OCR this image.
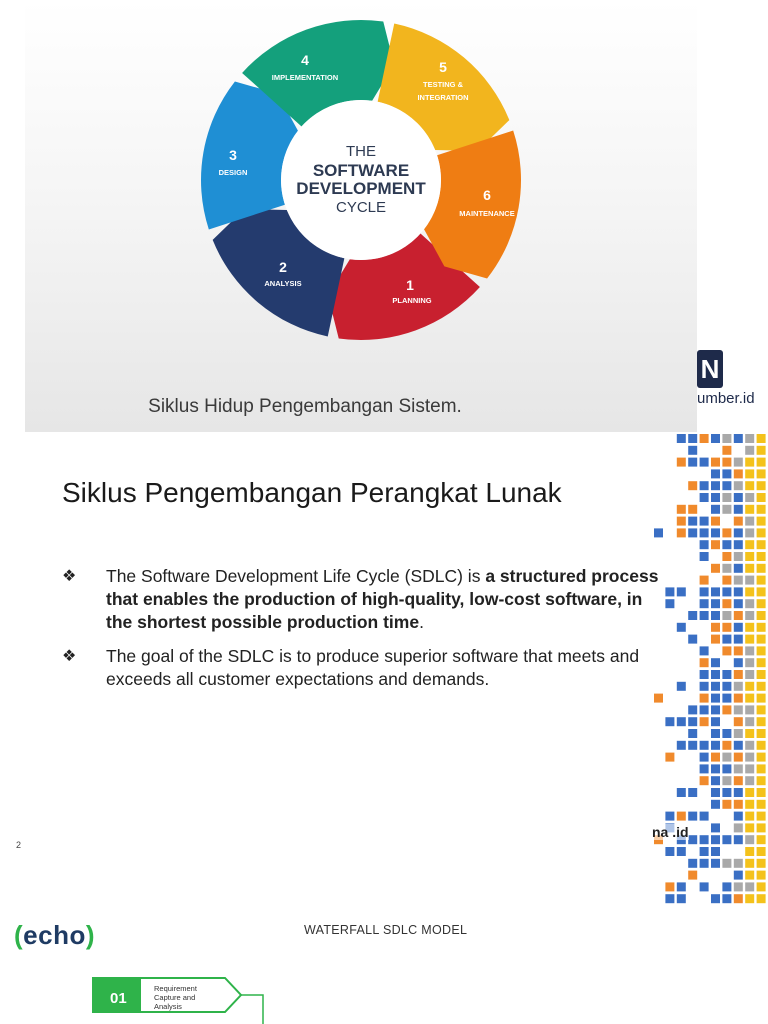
THE
SOFTWARE
DEVELOPMENT
CYCLE
1
PLANNING
2
ANALYSIS
3
DESIGN
4
IMPLEMENTATION
5
TESTING &
INTEGRATION
6
MAINTENANCE
Siklus Hidup Pengembangan Sistem.
N
umber.id
Siklus Pengembangan Perangkat Lunak
❖ The Software Development Life Cycle (SDLC) is a structured process that enables the production of high-quality, low-cost software, in the shortest possible production time.
❖ The goal of the SDLC is to produce superior software that meets and exceeds all customer expectations and demands.
2
na .id
(echo)	WATERFALL SDLC MODEL
01
Requirement Capture and Analysis
